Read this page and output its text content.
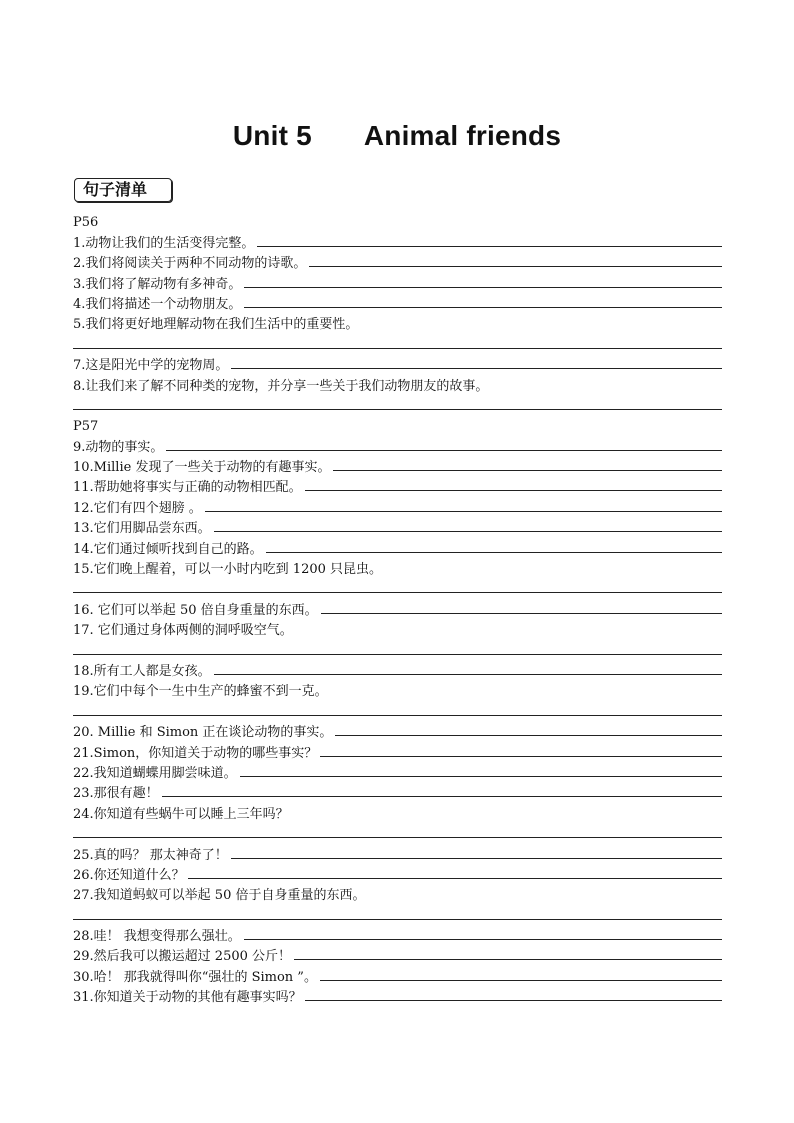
Unit 5 Animal friends
句子清单
P56
1.动物让我们的生活变得完整。
2.我们将阅读关于两种不同动物的诗歌。
3.我们将了解动物有多神奇。
4.我们将描述一个动物朋友。
5.我们将更好地理解动物在我们生活中的重要性。
7.这是阳光中学的宠物周。
8.让我们来了解不同种类的宠物，并分享一些关于我们动物朋友的故事。
P57
9.动物的事实。
10.Millie 发现了一些关于动物的有趣事实。
11.帮助她将事实与正确的动物相匹配。
12.它们有四个翅膀 。
13.它们用脚品尝东西。
14.它们通过倾听找到自己的路。
15.它们晚上醒着，可以一小时内吃到 1200 只昆虫。
16. 它们可以举起 50 倍自身重量的东西。
17. 它们通过身体两侧的洞呼吸空气。
18.所有工人都是女孩。
19.它们中每个一生中生产的蜂蜜不到一克。
20. Millie 和 Simon 正在谈论动物的事实。
21.Simon，你知道关于动物的哪些事实？
22.我知道蝴蝶用脚尝味道。
23.那很有趣！
24.你知道有些蜗牛可以睡上三年吗？
25.真的吗？ 那太神奇了！
26.你还知道什么？
27.我知道蚂蚁可以举起 50 倍于自身重量的东西。
28.哇！ 我想变得那么强壮。
29.然后我可以搬运超过 2500 公斤！
30.哈！ 那我就得叫你“强壮的 Simon ”。
31.你知道关于动物的其他有趣事实吗？
